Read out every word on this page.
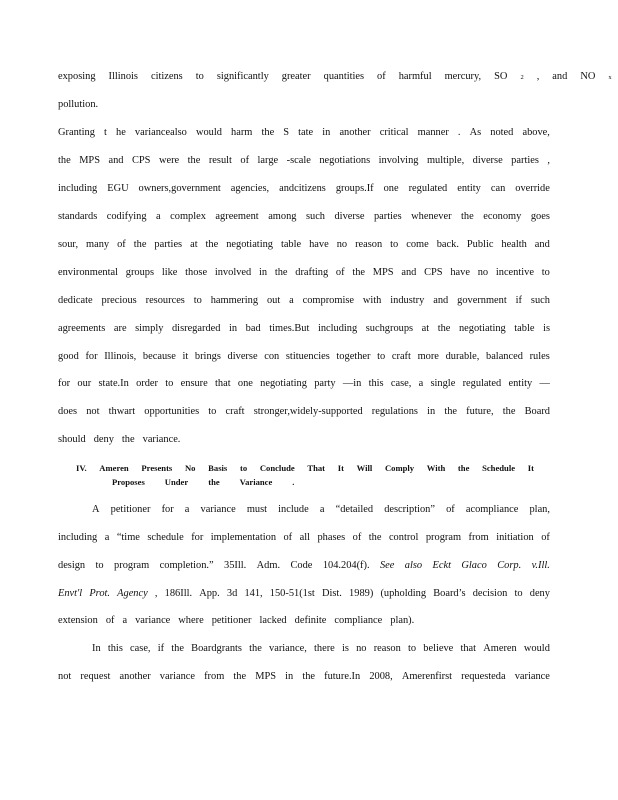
IV. Ameren Presents No Basis to Conclude That It Will Comply With the Schedule It
Proposes Under the Variance .
exposing Illinois citizens to significantly greater quantities of harmful mercury, SO 2 , and NO x
pollution.
Granting t he variancealso would harm the S tate in another critical manner . As noted above,
the MPS and CPS were the result of large -scale negotiations involving multiple, diverse parties ,
including EGU owners,government agencies, andcitizens groups.If one regulated entity can override
standards codifying a complex agreement among such diverse parties whenever the economy goes
sour, many of the parties at the negotiating table have no reason to come back. Public health and
environmental groups like those involved in the drafting of the MPS and CPS have no incentive to
dedicate precious resources to hammering out a compromise with industry and government if such
agreements are simply disregarded in bad times.But including suchgroups at the negotiating table is
good for Illinois, because it brings diverse con stituencies together to craft more durable, balanced rules
for our state.In order to ensure that one negotiating party —in this case, a single regulated entity —
does not thwart opportunities to craft stronger,widely-supported regulations in the future, the Board
should deny the variance.
A petitioner for a variance must include a “detailed description” of acompliance plan,
including a “time schedule for implementation of all phases of the control program from initiation of
design to program completion.” 35Ill. Adm. Code 104.204(f). See also Eckt Glaco Corp. v.Ill.
Envt'l Prot. Agency , 186Ill. App. 3d 141, 150-51(1st Dist. 1989) (upholding Board’s decision to deny
extension of a variance where petitioner lacked definite compliance plan).
In this case, if the Boardgrants the variance, there is no reason to believe that Ameren would
not request another variance from the MPS in the future.In 2008, Amerenfirst requesteda variance
